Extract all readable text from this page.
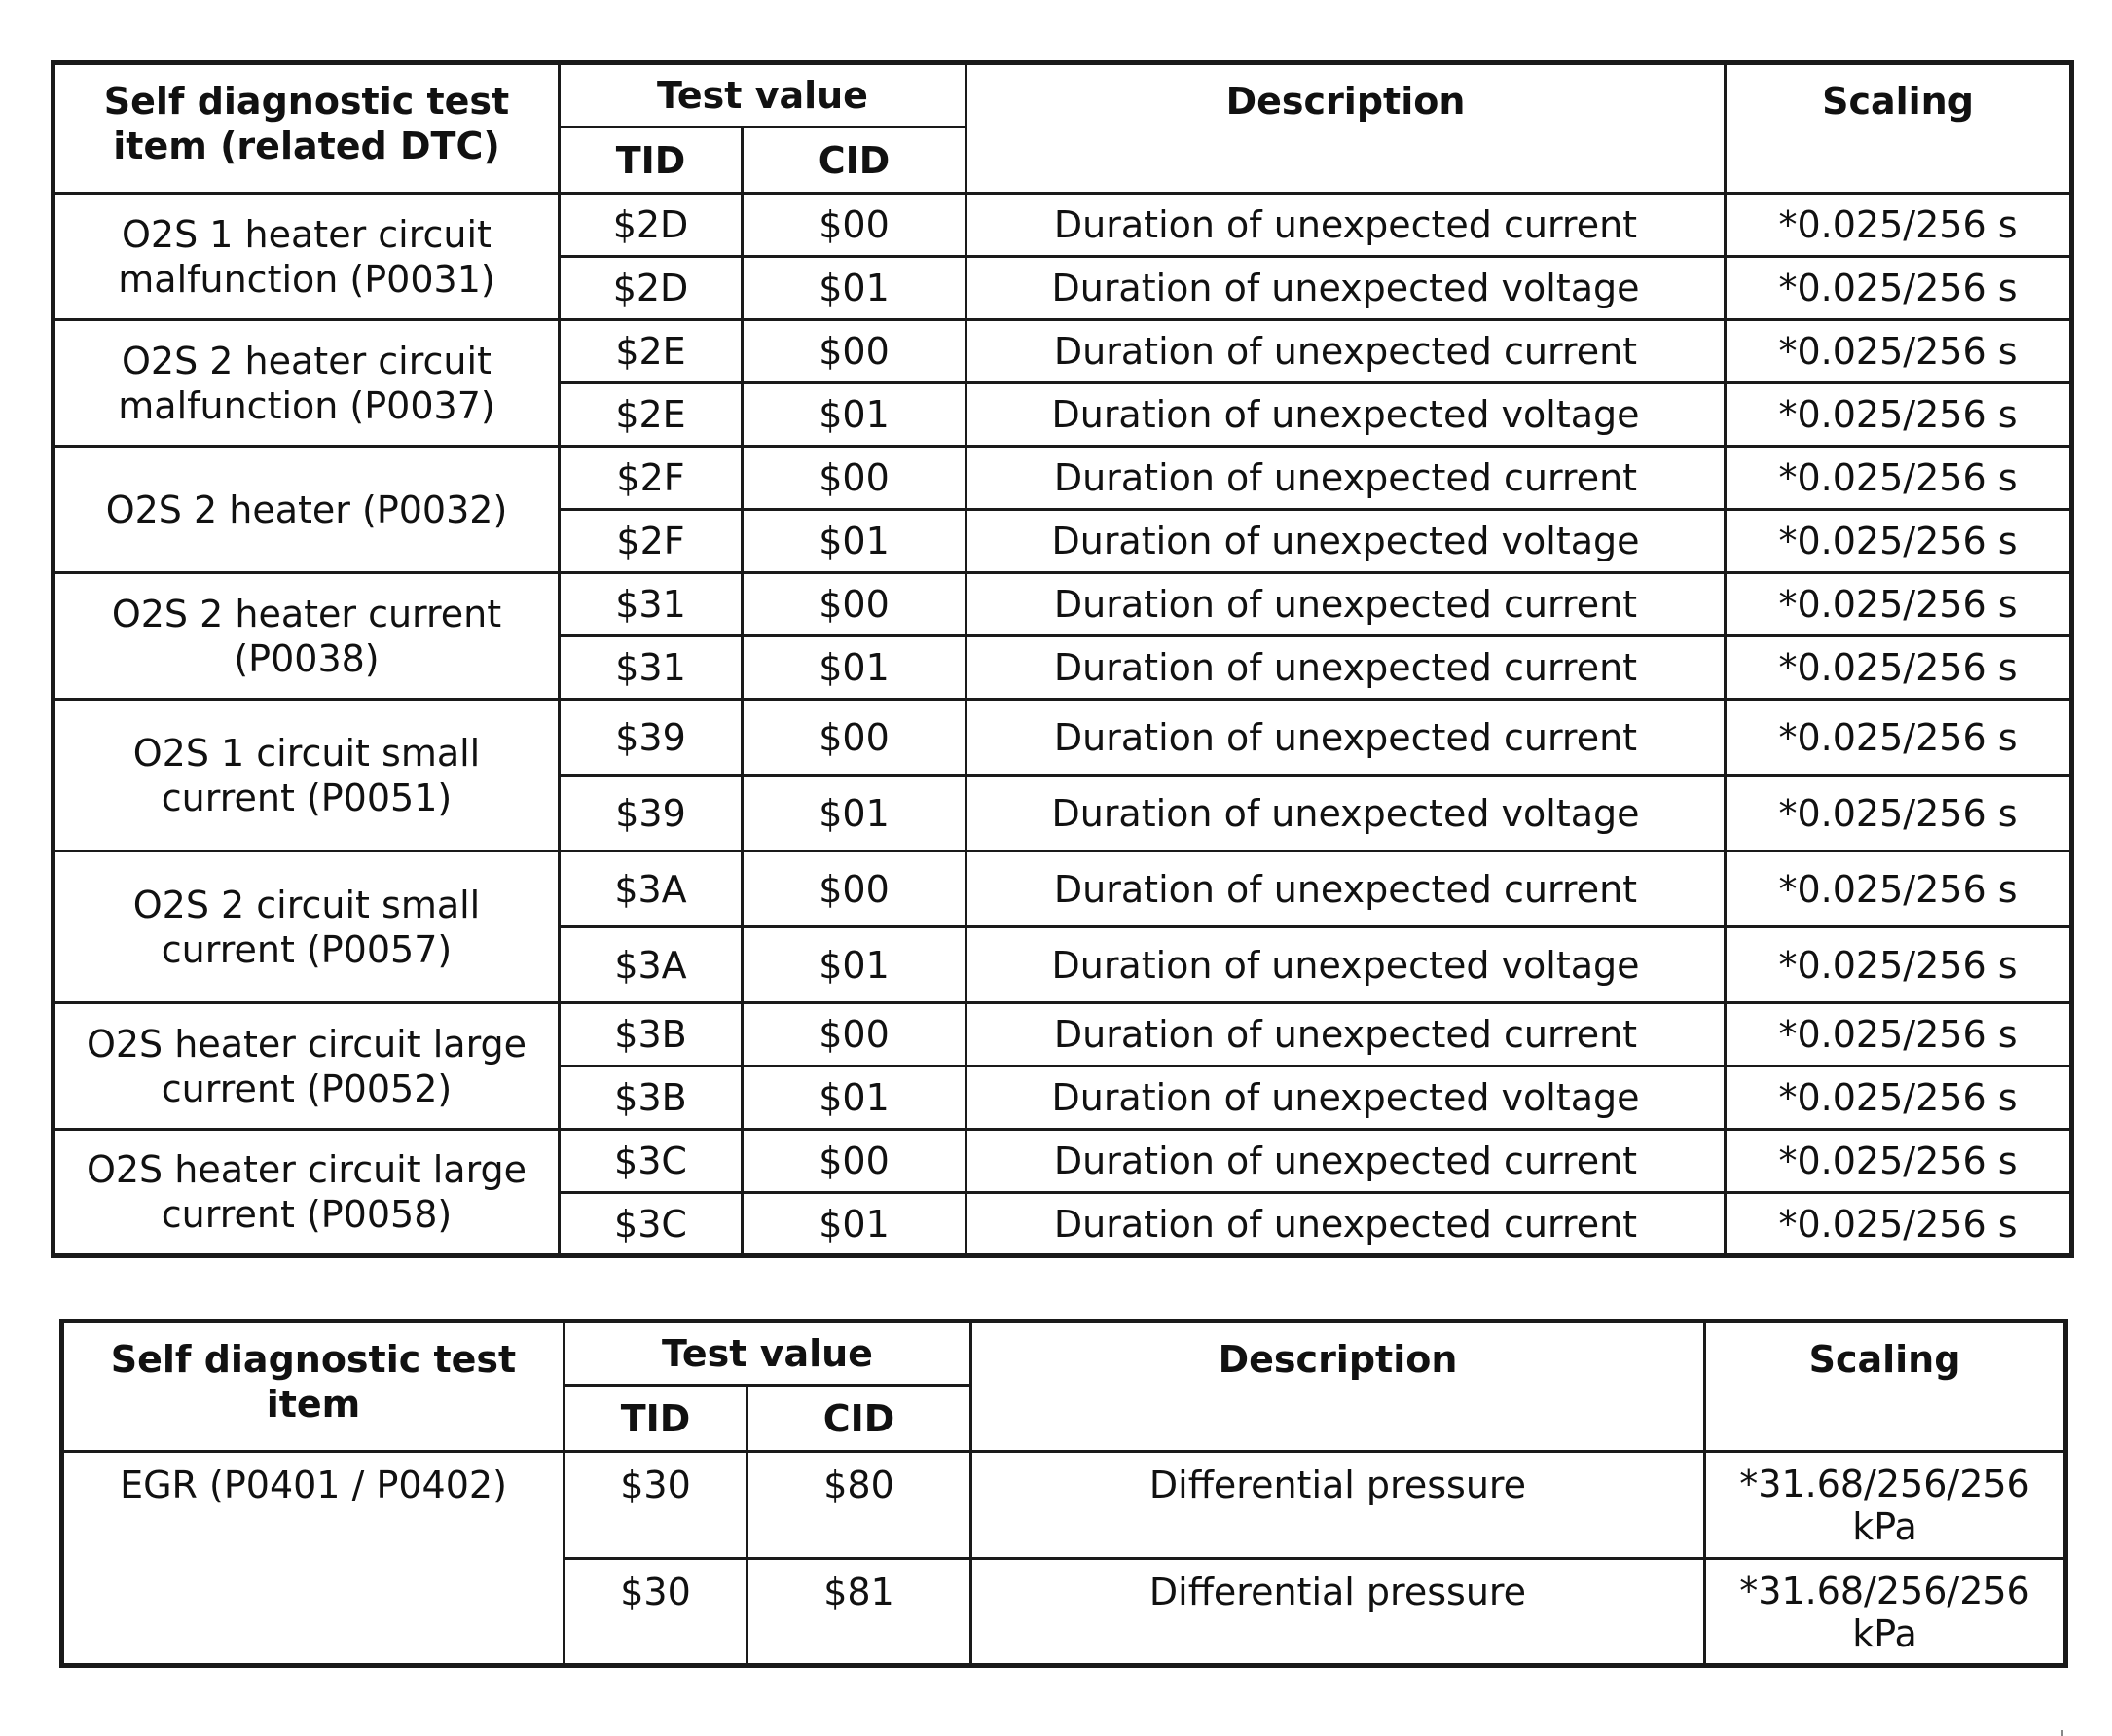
Self diagnostic test item (related DTC)	Test value		Description	Scaling
	TID	CID		
O2S 1 heater circuit malfunction (P0031)	$2D	$00	Duration of unexpected current	*0.025/256 s
	$2D	$01	Duration of unexpected voltage	*0.025/256 s
O2S 2 heater circuit malfunction (P0037)	$2E	$00	Duration of unexpected current	*0.025/256 s
	$2E	$01	Duration of unexpected voltage	*0.025/256 s
O2S 2 heater (P0032)	$2F	$00	Duration of unexpected current	*0.025/256 s
	$2F	$01	Duration of unexpected voltage	*0.025/256 s
O2S 2 heater current (P0038)	$31	$00	Duration of unexpected current	*0.025/256 s
	$31	$01	Duration of unexpected current	*0.025/256 s
O2S 1 circuit small current (P0051)	$39	$00	Duration of unexpected current	*0.025/256 s
	$39	$01	Duration of unexpected voltage	*0.025/256 s
O2S 2 circuit small current (P0057)	$3A	$00	Duration of unexpected current	*0.025/256 s
	$3A	$01	Duration of unexpected voltage	*0.025/256 s
O2S heater circuit large current (P0052)	$3B	$00	Duration of unexpected current	*0.025/256 s
	$3B	$01	Duration of unexpected voltage	*0.025/256 s
O2S heater circuit large current (P0058)	$3C	$00	Duration of unexpected current	*0.025/256 s
	$3C	$01	Duration of unexpected current	*0.025/256 s
Self diagnostic test item	Test value		Description	Scaling
	TID	CID		
EGR (P0401 / P0402)	$30	$80	Differential pressure	*31.68/256/256 kPa
	$30	$81	Differential pressure	*31.68/256/256 kPa
